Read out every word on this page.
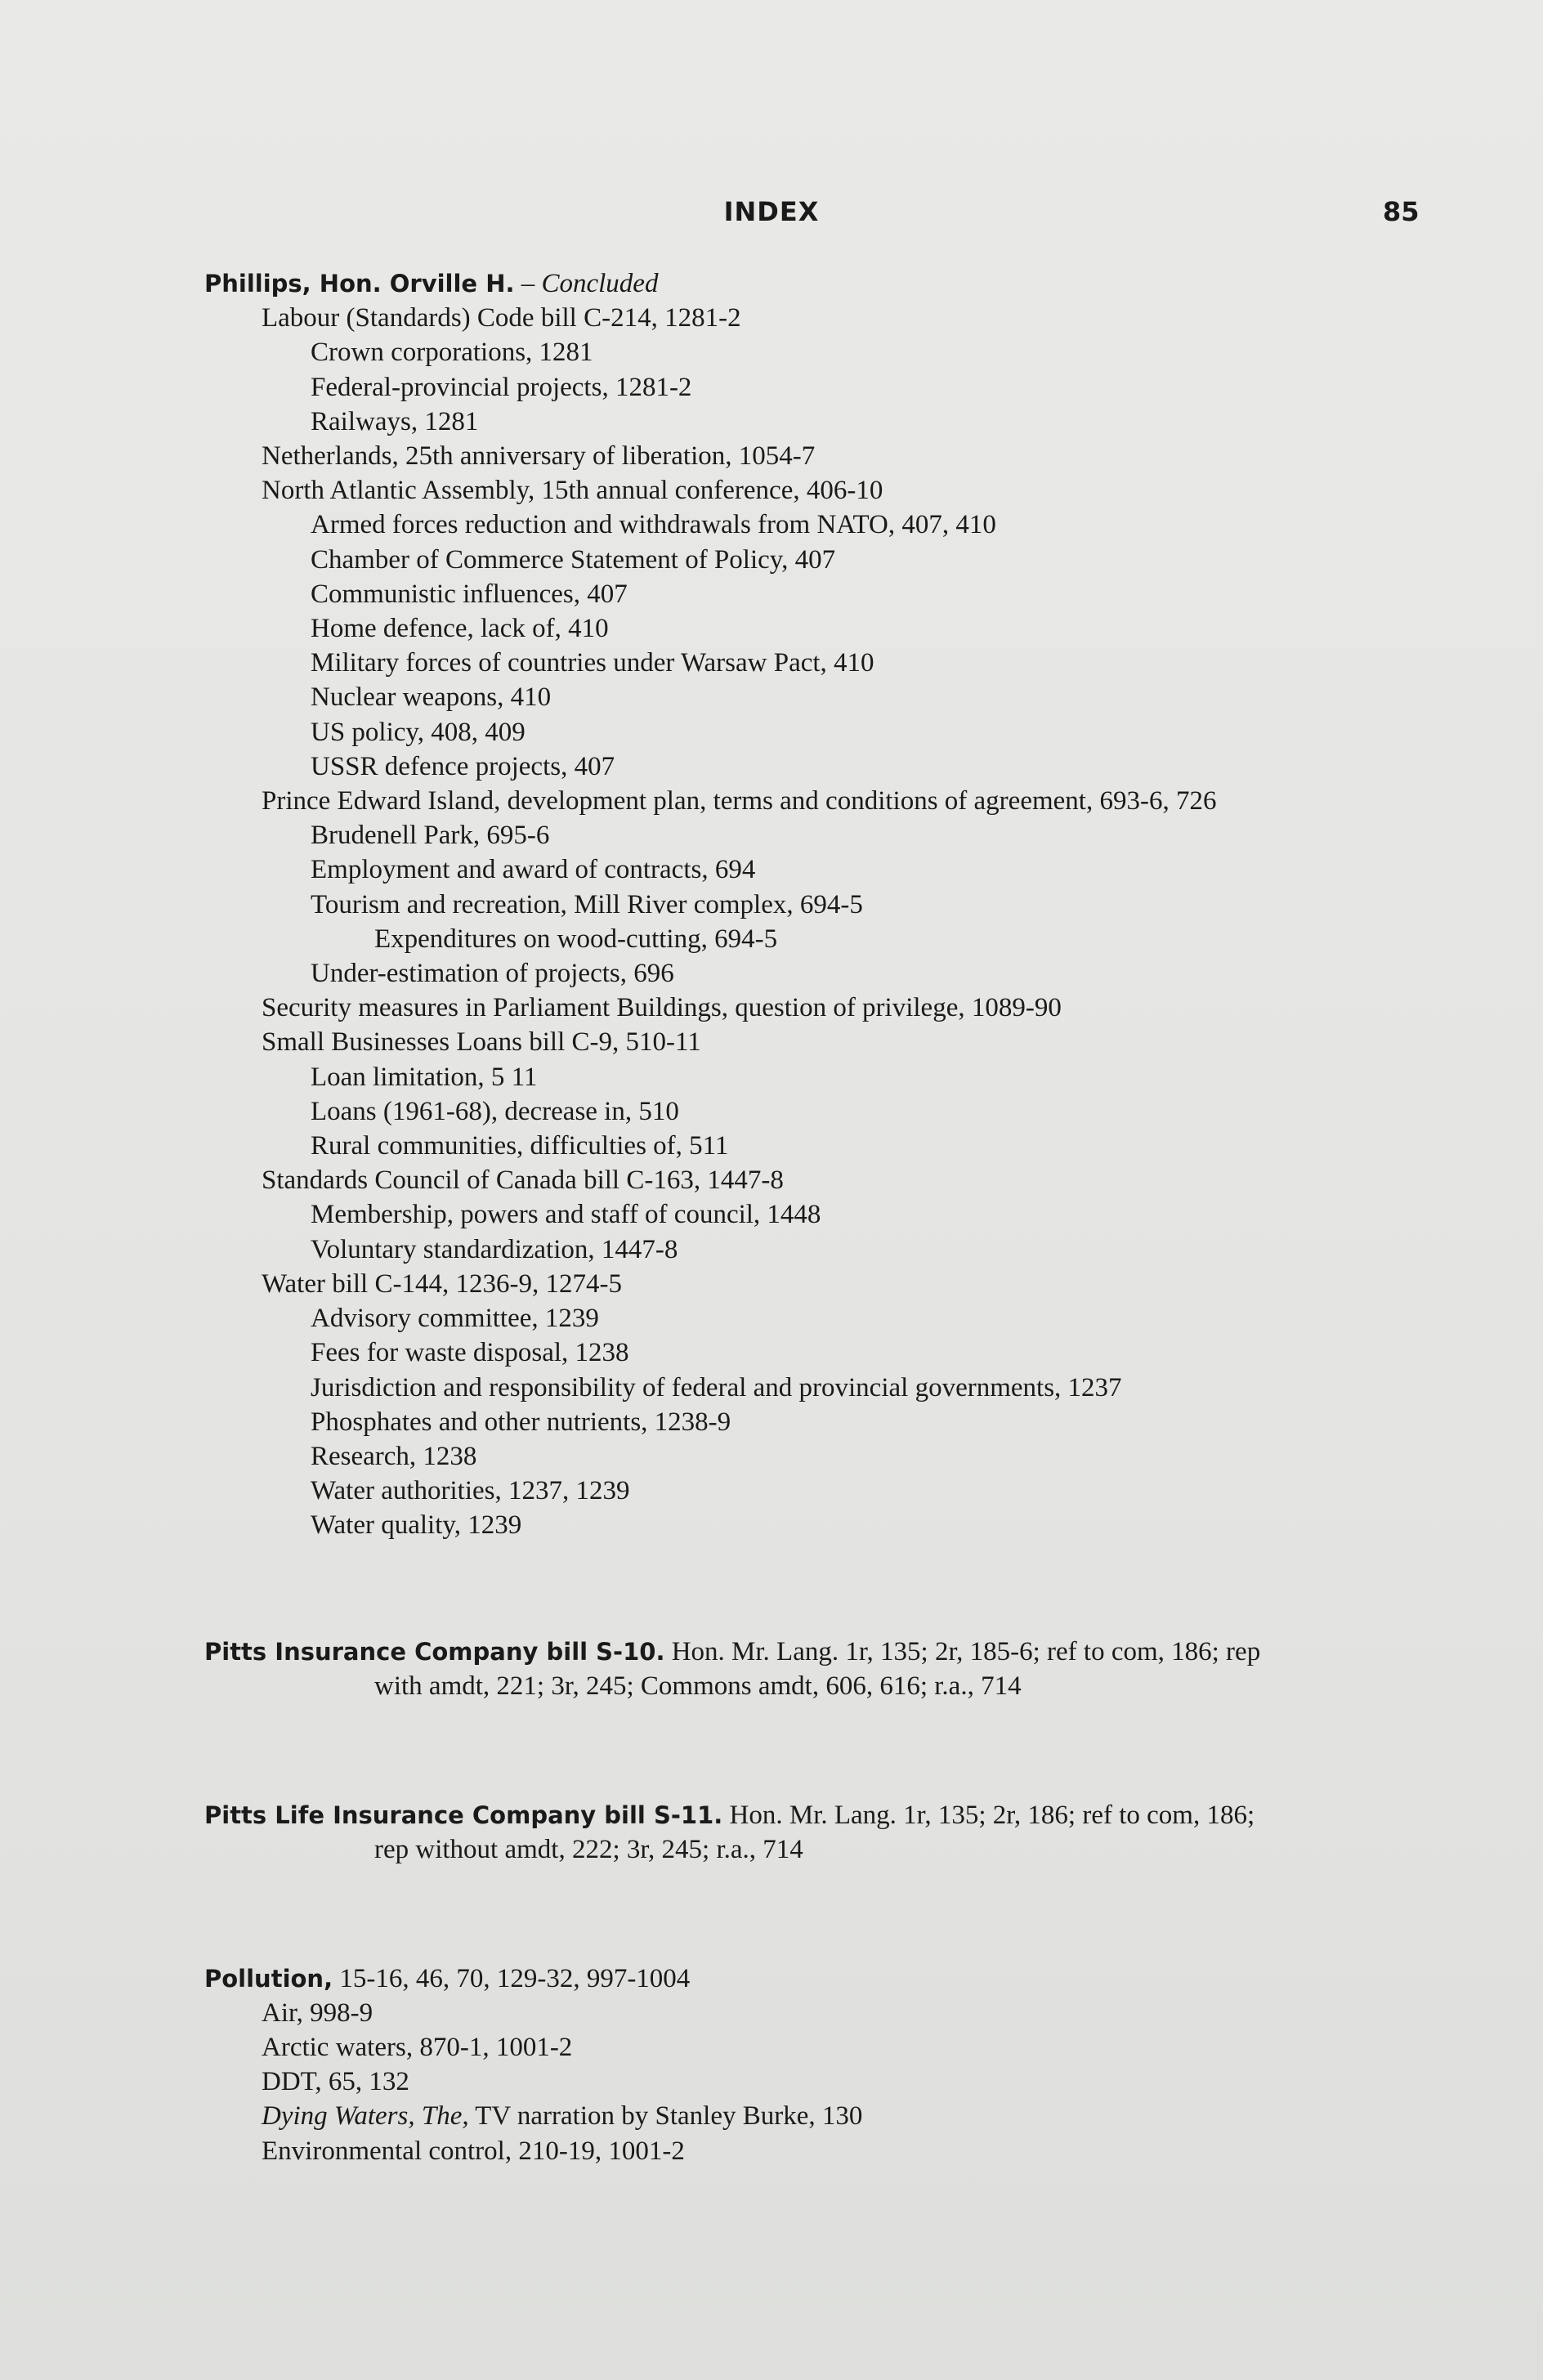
INDEX	85
Phillips, Hon. Orville H. – Concluded
Labour (Standards) Code bill C-214, 1281-2
Crown corporations, 1281
Federal-provincial projects, 1281-2
Railways, 1281
Netherlands, 25th anniversary of liberation, 1054-7
North Atlantic Assembly, 15th annual conference, 406-10
Armed forces reduction and withdrawals from NATO, 407, 410
Chamber of Commerce Statement of Policy, 407
Communistic influences, 407
Home defence, lack of, 410
Military forces of countries under Warsaw Pact, 410
Nuclear weapons, 410
US policy, 408, 409
USSR defence projects, 407
Prince Edward Island, development plan, terms and conditions of agreement, 693-6, 726
Brudenell Park, 695-6
Employment and award of contracts, 694
Tourism and recreation, Mill River complex, 694-5
Expenditures on wood-cutting, 694-5
Under-estimation of projects, 696
Security measures in Parliament Buildings, question of privilege, 1089-90
Small Businesses Loans bill C-9, 510-11
Loan limitation, 5 11
Loans (1961-68), decrease in, 510
Rural communities, difficulties of, 511
Standards Council of Canada bill C-163, 1447-8
Membership, powers and staff of council, 1448
Voluntary standardization, 1447-8
Water bill C-144, 1236-9, 1274-5
Advisory committee, 1239
Fees for waste disposal, 1238
Jurisdiction and responsibility of federal and provincial governments, 1237
Phosphates and other nutrients, 1238-9
Research, 1238
Water authorities, 1237, 1239
Water quality, 1239
Pitts Insurance Company bill S-10. Hon. Mr. Lang. 1r, 135; 2r, 185-6; ref to com, 186; rep
with amdt, 221; 3r, 245; Commons amdt, 606, 616; r.a., 714
Pitts Life Insurance Company bill S-11. Hon. Mr. Lang. 1r, 135; 2r, 186; ref to com, 186;
rep without amdt, 222; 3r, 245; r.a., 714
Pollution, 15-16, 46, 70, 129-32, 997-1004
Air, 998-9
Arctic waters, 870-1, 1001-2
DDT, 65, 132
Dying Waters, The, TV narration by Stanley Burke, 130
Environmental control, 210-19, 1001-2
